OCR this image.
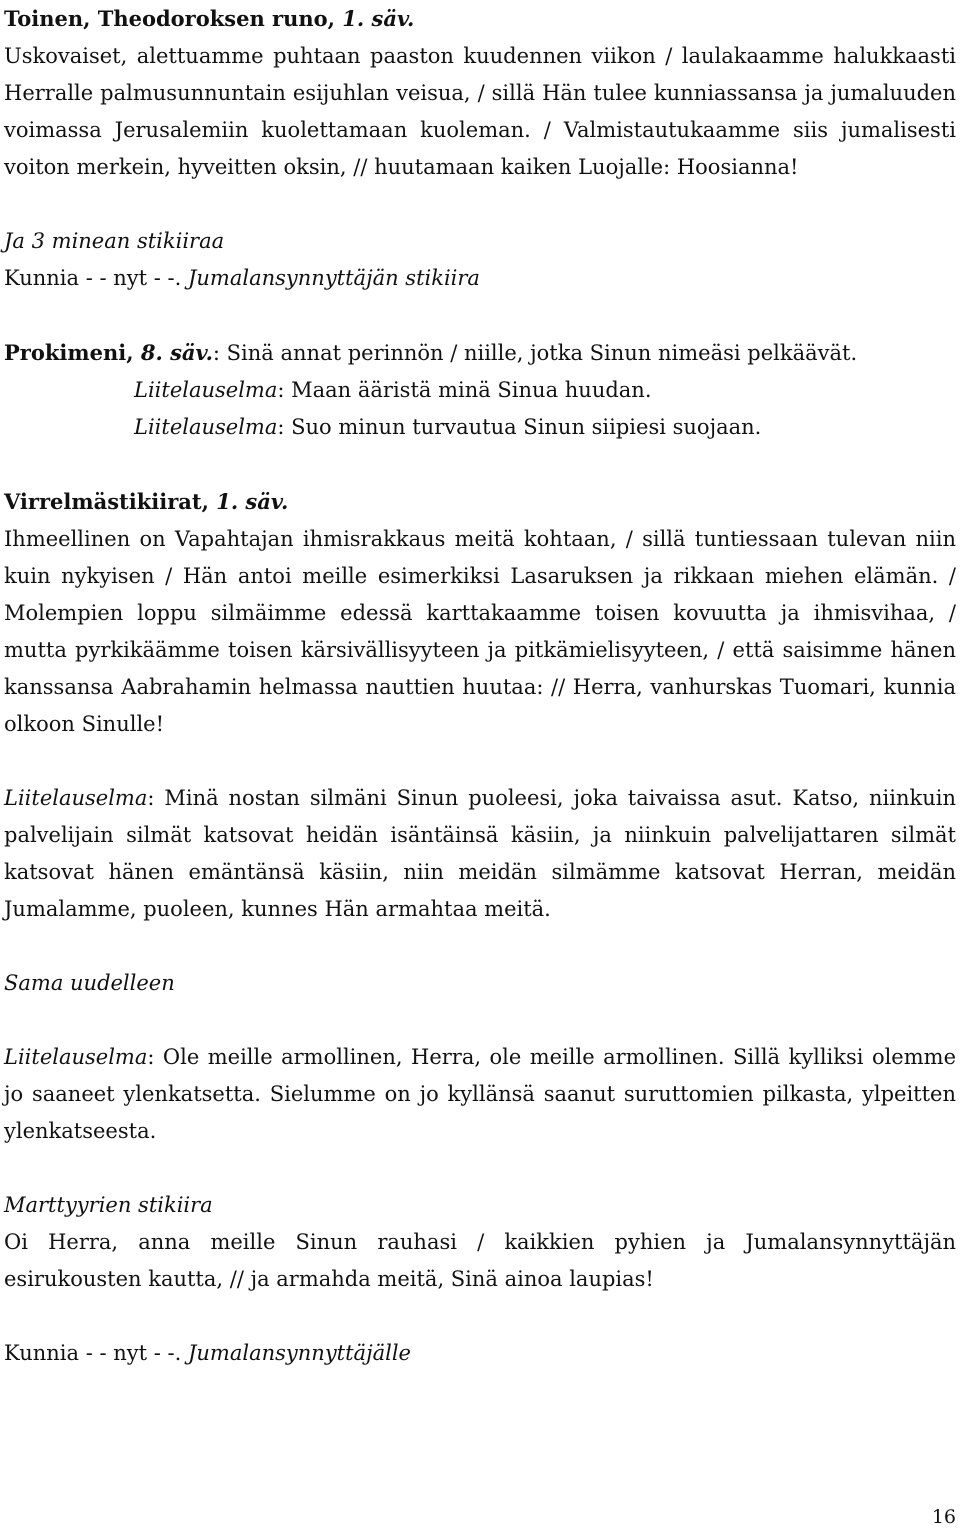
Toinen, Theodoroksen runo, 1. säv.

Uskovaiset, alettuamme puhtaan paaston kuudennen viikon / laulakaamme halukkaasti Herralle palmusunnuntain esijuhlan veisua, / sillä Hän tulee kunniassansa ja jumaluuden voimassa Jerusalemiin kuolettamaan kuoleman. / Valmistautukaamme siis jumalisesti voiton merkein, hyveitten oksin, // huutamaan kaiken Luojalle: Hoosianna!

Ja 3 minean stikiiraa

Kunnia - - nyt - -. Jumalansynnyttäjän stikiira

Prokimeni, 8. säv.: Sinä annat perinnön / niille, jotka Sinun nimeäsi pelkäävät.

Liitelauselma: Maan ääristä minä Sinua huudan.

Liitelauselma: Suo minun turvautua Sinun siipiesi suojaan.

Virrelmästikiirat, 1. säv.

Ihmeellinen on Vapahtajan ihmisrakkaus meitä kohtaan, / sillä tuntiessaan tulevan niin kuin nykyisen / Hän antoi meille esimerkiksi Lasaruksen ja rikkaan miehen elämän. / Molempien loppu silmäimme edessä karttakaamme toisen kovuutta ja ihmisvihaa, / mutta pyrkikäämme toisen kärsivällisyyteen ja pitkämielisyyteen, / että saisimme hänen kanssansa Aabrahamin helmassa nauttien huutaa: // Herra, vanhurskas Tuomari, kunnia olkoon Sinulle!

Liitelauselma: Minä nostan silmäni Sinun puoleesi, joka taivaissa asut. Katso, niinkuin palvelijain silmät katsovat heidän isäntäinsä käsiin, ja niinkuin palvelijattaren silmät katsovat hänen emäntänsä käsiin, niin meidän silmämme katsovat Herran, meidän Jumalamme, puoleen, kunnes Hän armahtaa meitä.

Sama uudelleen

Liitelauselma: Ole meille armollinen, Herra, ole meille armollinen. Sillä kylliksi olemme jo saaneet ylenkatsetta. Sielumme on jo kyllänsä saanut suruttomien pilkasta, ylpeitten ylenkatseesta.

Marttyyrien stikiira

Oi Herra, anna meille Sinun rauhasi / kaikkien pyhien ja Jumalansynnyttäjän esirukousten kautta, // ja armahda meitä, Sinä ainoa laupias!

Kunnia - - nyt - -. Jumalansynnyttäjälle

16
